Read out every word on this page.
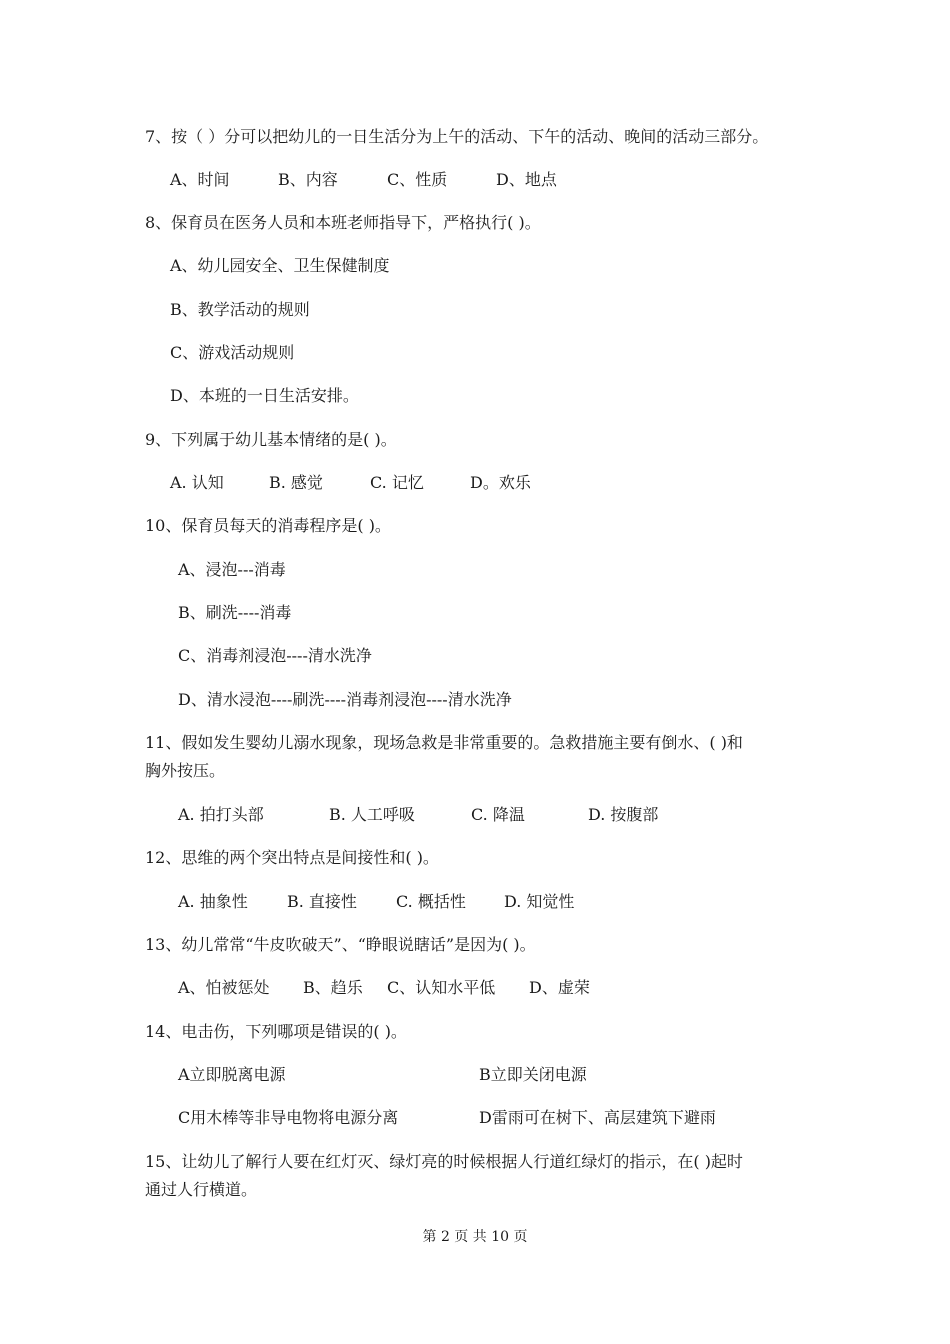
7、按（ ）分可以把幼儿的一日生活分为上午的活动、下午的活动、晚间的活动三部分。
A、时间	B、内容	C、性质	D、地点
8、保育员在医务人员和本班老师指导下，严格执行( )。
A、幼儿园安全、卫生保健制度
B、教学活动的规则
C、游戏活动规则
D、本班的一日生活安排。
9、下列属于幼儿基本情绪的是( )。
A. 认知	B. 感觉	C. 记忆	D。欢乐
10、保育员每天的消毒程序是( )。
A、浸泡---消毒
B、刷洗----消毒
C、消毒剂浸泡----清水洗净
D、清水浸泡----刷洗----消毒剂浸泡----清水洗净
11、假如发生婴幼儿溺水现象，现场急救是非常重要的。急救措施主要有倒水、( )和
胸外按压。
A. 拍打头部	B. 人工呼吸	C. 降温	D. 按腹部
12、思维的两个突出特点是间接性和( )。
A. 抽象性 B. 直接性 C. 概括性 D. 知觉性
13、幼儿常常“牛皮吹破天”、“睁眼说瞎话”是因为( )。
A、怕被惩处 B、趋乐 C、认知水平低 D、虚荣
14、电击伤，下列哪项是错误的( )。
A立即脱离电源	B立即关闭电源
C用木棒等非导电物将电源分离	D雷雨可在树下、高层建筑下避雨
15、让幼儿了解行人要在红灯灭、绿灯亮的时候根据人行道红绿灯的指示，在( )起时
通过人行横道。
第 2 页 共 10 页
